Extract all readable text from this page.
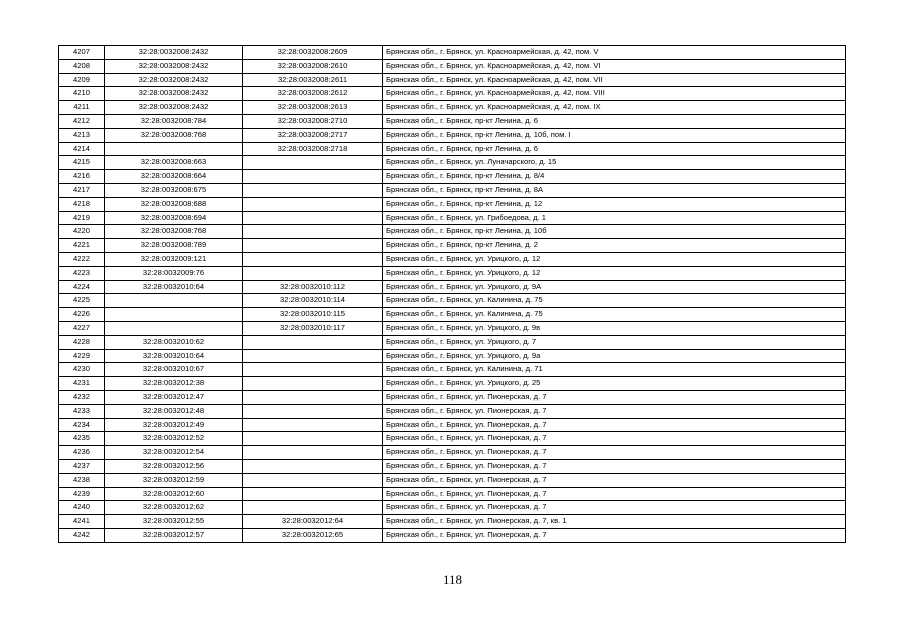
4207	32:28:0032008:2432	32:28:0032008:2609	Брянская обл., г. Брянск, ул. Красноармейская, д. 42, пом. V
4208	32:28:0032008:2432	32:28:0032008:2610	Брянская обл., г. Брянск, ул. Красноармейская, д. 42, пом. VI
4209	32:28:0032008:2432	32:28:0032008:2611	Брянская обл., г. Брянск, ул. Красноармейская, д. 42, пом. VII
4210	32:28:0032008:2432	32:28:0032008:2612	Брянская обл., г. Брянск, ул. Красноармейская, д. 42, пом. VIII
4211	32:28:0032008:2432	32:28:0032008:2613	Брянская обл., г. Брянск, ул. Красноармейская, д. 42, пом. IX
4212	32:28:0032008:784	32:28:0032008:2710	Брянская обл., г. Брянск, пр-кт Ленина, д. 6
4213	32:28:0032008:768	32:28:0032008:2717	Брянская обл., г. Брянск, пр-кт Ленина, д. 10б, пом. I
4214		32:28:0032008:2718	Брянская обл., г. Брянск, пр-кт Ленина, д. 6
4215	32:28:0032008:663		Брянская обл., г. Брянск, ул. Луначарского, д. 15
4216	32:28:0032008:664		Брянская обл., г. Брянск, пр-кт Ленина, д. 8/4
4217	32:28:0032008:675		Брянская обл., г. Брянск, пр-кт Ленина, д. 8А
4218	32:28:0032008:688		Брянская обл., г. Брянск, пр-кт Ленина, д. 12
4219	32:28:0032008:694		Брянская обл., г. Брянск, ул. Грибоедова, д. 1
4220	32:28:0032008:768		Брянская обл., г. Брянск, пр-кт Ленина, д. 10б
4221	32:28:0032008:789		Брянская обл., г. Брянск, пр-кт Ленина, д. 2
4222	32:28:0032009:121		Брянская обл., г. Брянск, ул. Урицкого, д. 12
4223	32:28:0032009:76		Брянская обл., г. Брянск, ул. Урицкого, д. 12
4224	32:28:0032010:64	32:28:0032010:112	Брянская обл., г. Брянск, ул. Урицкого, д. 9А
4225		32:28:0032010:114	Брянская обл., г. Брянск, ул. Калинина, д. 75
4226		32:28:0032010:115	Брянская обл., г. Брянск, ул. Калинина, д. 75
4227		32:28:0032010:117	Брянская обл., г. Брянск, ул. Урицкого, д. 9в
4228	32:28:0032010:62		Брянская обл., г. Брянск, ул. Урицкого, д. 7
4229	32:28:0032010:64		Брянская обл., г. Брянск, ул. Урицкого, д. 9а
4230	32:28:0032010:67		Брянская обл., г. Брянск, ул. Калинина, д. 71
4231	32:28:0032012:38		Брянская обл., г. Брянск, ул. Урицкого, д. 25
4232	32:28:0032012:47		Брянская обл., г. Брянск, ул. Пионерская, д. 7
4233	32:28:0032012:48		Брянская обл., г. Брянск, ул. Пионерская, д. 7
4234	32:28:0032012:49		Брянская обл., г. Брянск, ул. Пионерская, д. 7
4235	32:28:0032012:52		Брянская обл., г. Брянск, ул. Пионерская, д. 7
4236	32:28:0032012:54		Брянская обл., г. Брянск, ул. Пионерская, д. 7
4237	32:28:0032012:56		Брянская обл., г. Брянск, ул. Пионерская, д. 7
4238	32:28:0032012:59		Брянская обл., г. Брянск, ул. Пионерская, д. 7
4239	32:28:0032012:60		Брянская обл., г. Брянск, ул. Пионерская, д. 7
4240	32:28:0032012:62		Брянская обл., г. Брянск, ул. Пионерская, д. 7
4241	32:28:0032012:55	32:28:0032012:64	Брянская обл., г. Брянск, ул. Пионерская, д. 7, кв. 1
4242	32:28:0032012:57	32:28:0032012:65	Брянская обл., г. Брянск, ул. Пионерская, д. 7
118
